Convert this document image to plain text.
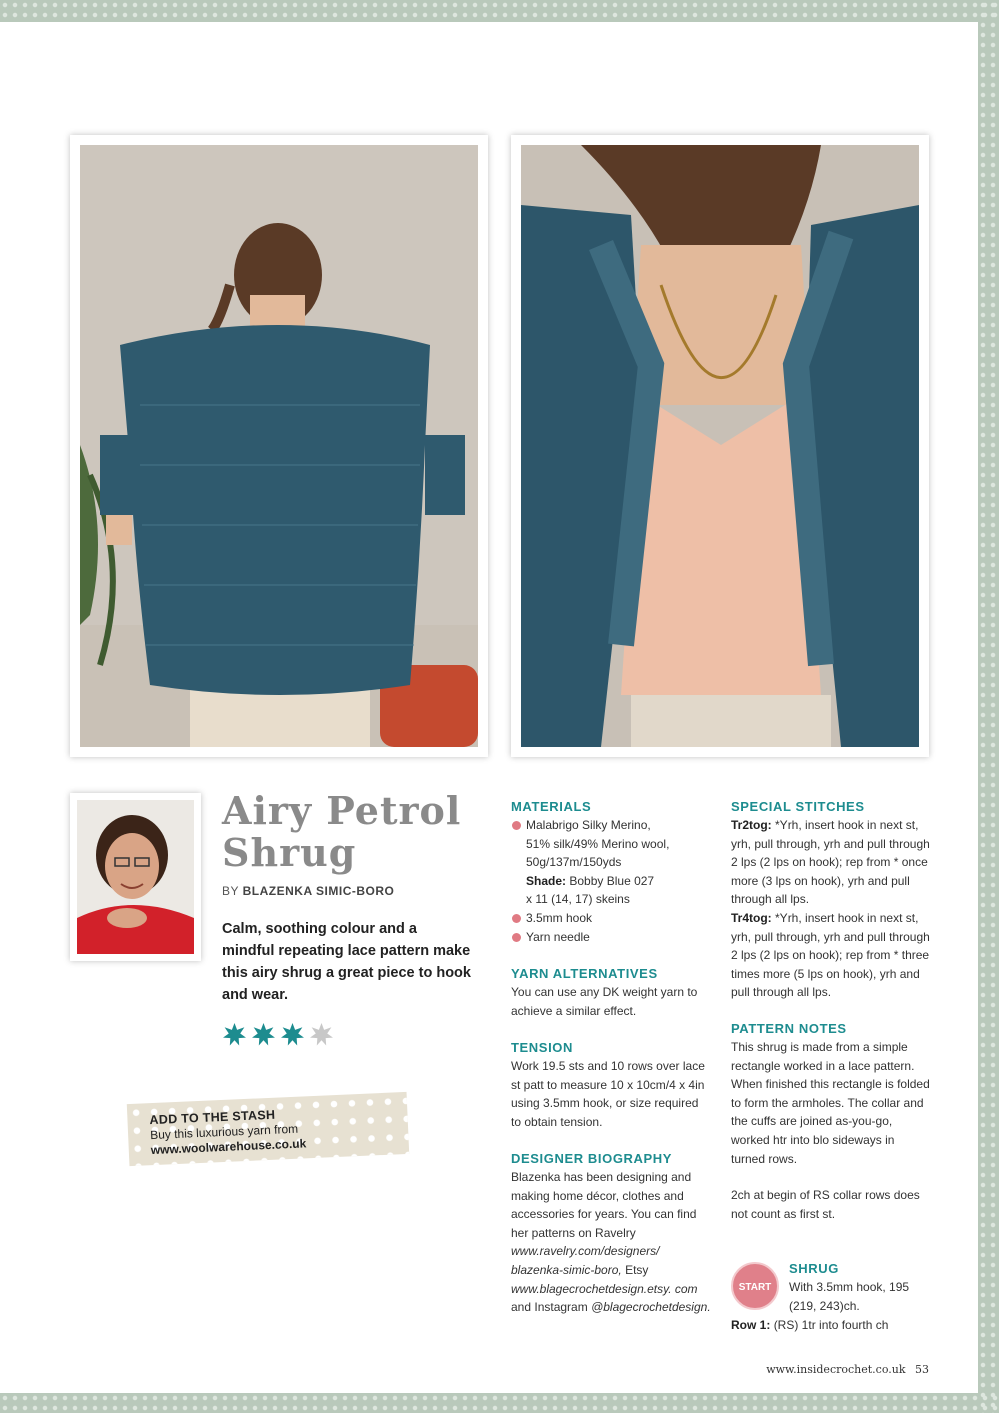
Airy Petrol
Shrug
BY BLAZENKA SIMIC-BORO
Calm, soothing colour and a mindful repeating lace pattern make this airy shrug a great piece to hook and wear.
ADD TO THE STASH
Buy this luxurious yarn from
www.woolwarehouse.co.uk
MATERIALS
Malabrigo Silky Merino,
51% silk/49% Merino wool,
50g/137m/150yds
Shade: Bobby Blue 027
x 11 (14, 17) skeins
3.5mm hook
Yarn needle
YARN ALTERNATIVES

You can use any DK weight yarn to achieve a similar effect.

TENSION

Work 19.5 sts and 10 rows over lace st patt to measure 10 x 10cm/4 x 4in using 3.5mm hook, or size required to obtain tension.

DESIGNER BIOGRAPHY

Blazenka has been designing and making home décor, clothes and accessories for years. You can find her patterns on Ravelry www.ravelry.com/designers/ blazenka-simic-boro, Etsy www.blagecrochetdesign.etsy. com and Instagram @blagecrochetdesign.

SPECIAL STITCHES

Tr2tog: *Yrh, insert hook in next st, yrh, pull through, yrh and pull through 2 lps (2 lps on hook); rep from * once more (3 lps on hook), yrh and pull through all lps.

Tr4tog: *Yrh, insert hook in next st, yrh, pull through, yrh and pull through 2 lps (2 lps on hook); rep from * three times more (5 lps on hook), yrh and pull through all lps.

PATTERN NOTES

This shrug is made from a simple rectangle worked in a lace pattern. When finished this rectangle is folded to form the armholes. The collar and the cuffs are joined as-you-go, worked htr into blo sideways in turned rows.

2ch at begin of RS collar rows does not count as first st.

START
SHRUG

With 3.5mm hook, 195 (219, 243)ch.

Row 1: (RS) 1tr into fourth ch

www.insidecrochet.co.uk 53
